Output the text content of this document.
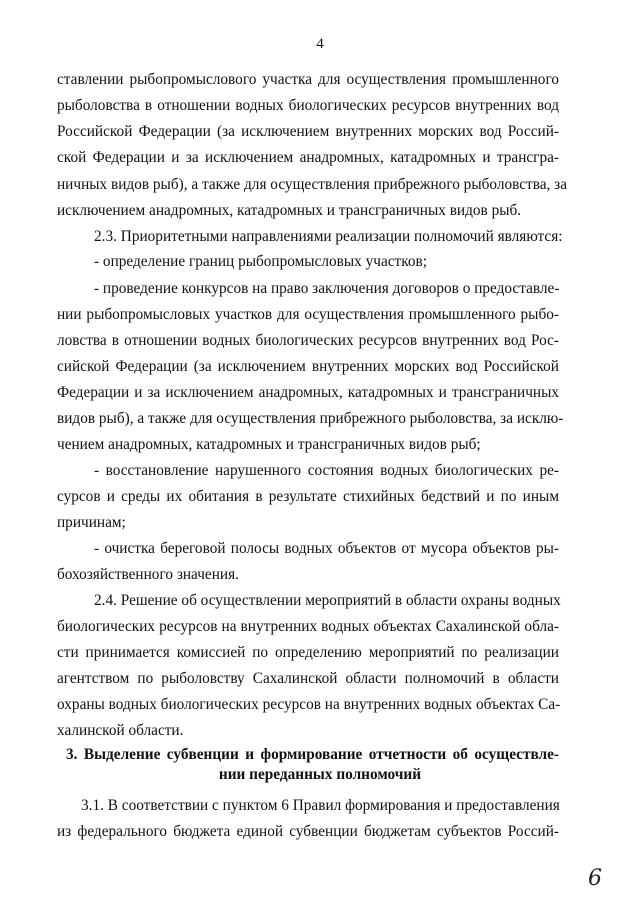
4
ставлении рыбопромыслового участка для осуществления промышленного
рыболовства в отношении водных биологических ресурсов внутренних вод
Российской Федерации (за исключением внутренних морских вод Россий-
ской Федерации и за исключением анадромных, катадромных и трансгра-
ничных видов рыб), а также для осуществления прибрежного рыболовства, за
исключением анадромных, катадромных и трансграничных видов рыб.
2.3. Приоритетными направлениями реализации полномочий являются:
- определение границ рыбопромысловых участков;
- проведение конкурсов на право заключения договоров о предоставле-
нии рыбопромысловых участков для осуществления промышленного рыбо-
ловства в отношении водных биологических ресурсов внутренних вод Рос-
сийской Федерации (за исключением внутренних морских вод Российской
Федерации и за исключением анадромных, катадромных и трансграничных
видов рыб), а также для осуществления прибрежного рыболовства, за исклю-
чением анадромных, катадромных и трансграничных видов рыб;
- восстановление нарушенного состояния водных биологических ре-
сурсов и среды их обитания в результате стихийных бедствий и по иным
причинам;
- очистка береговой полосы водных объектов от мусора объектов ры-
бохозяйственного значения.
2.4. Решение об осуществлении мероприятий в области охраны водных
биологических ресурсов на внутренних водных объектах Сахалинской обла-
сти принимается комиссией по определению мероприятий по реализации
агентством по рыболовству Сахалинской области полномочий в области
охраны водных биологических ресурсов на внутренних водных объектах Са-
халинской области.
3. Выделение субвенции и формирование отчетности об осуществле-
нии переданных полномочий
3.1. В соответствии с пунктом 6 Правил формирования и предоставления
из федерального бюджета единой субвенции бюджетам субъектов Россий-
6
